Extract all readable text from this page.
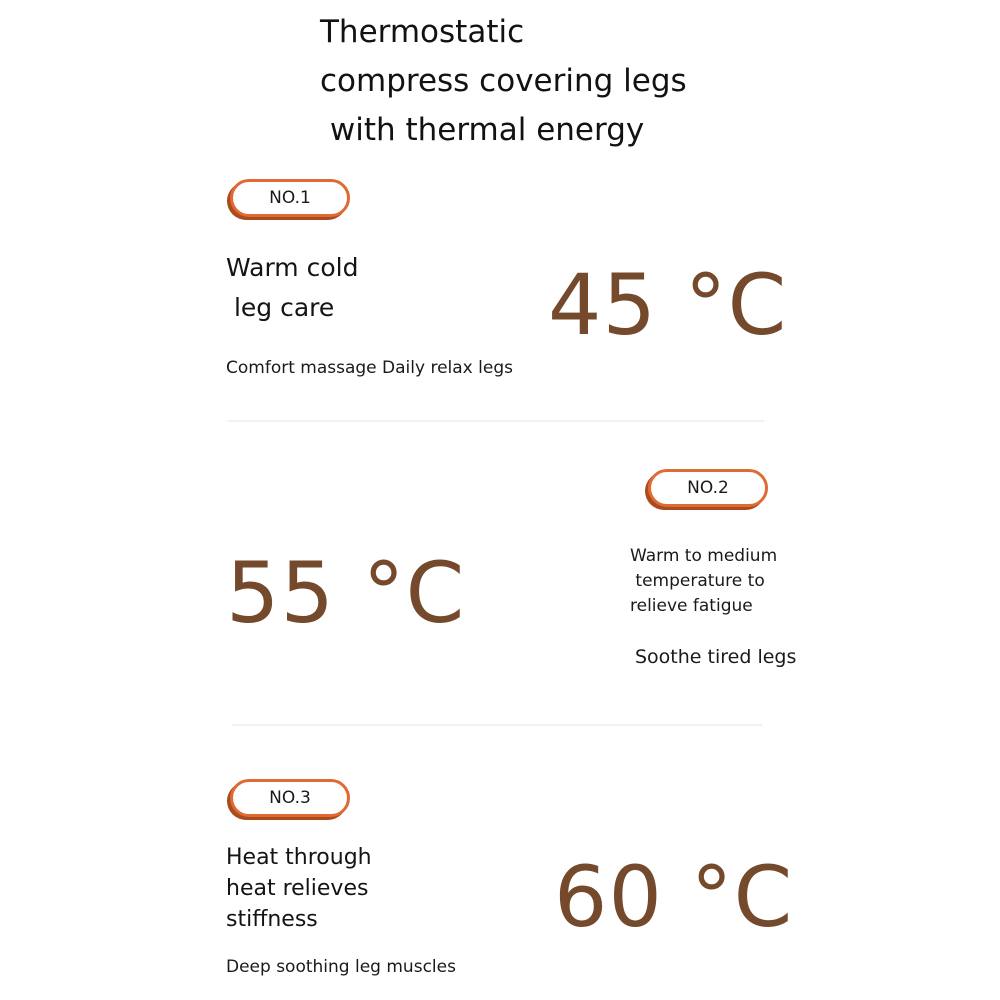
Thermostatic
compress covering legs
with thermal energy
NO.1
Warm cold
leg care
Comfort massage Daily relax legs
45 °C
NO.2
55 °C	Warm to medium
temperature to
relieve fatigue
Soothe tired legs
NO.3
Heat through
heat relieves
stiffness
Deep soothing leg muscles
60 °C
